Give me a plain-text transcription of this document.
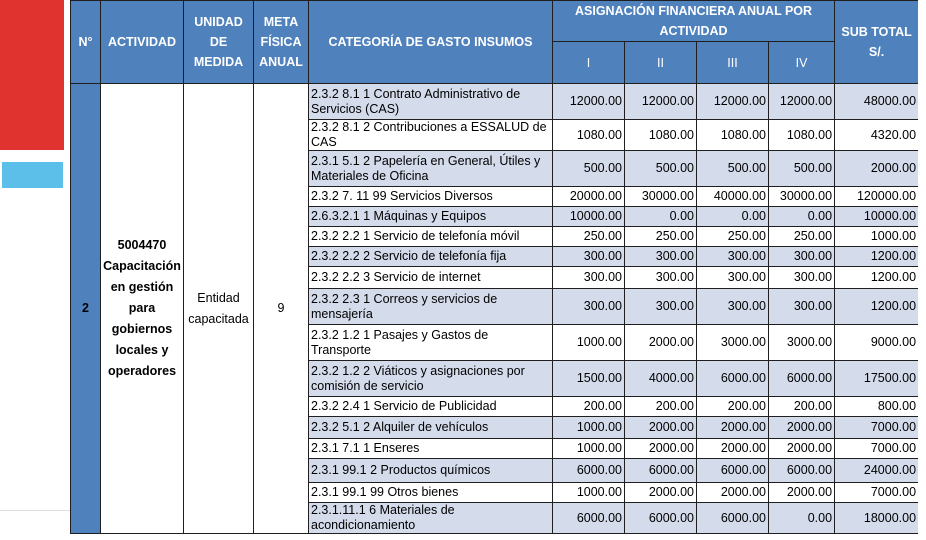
N°	ACTIVIDAD	UNIDAD DE MEDIDA	META FÍSICA ANUAL	CATEGORÍA DE GASTO INSUMOS	ASIGNACIÓN FINANCIERA ANUAL POR ACTIVIDAD				SUB TOTAL S/.
					I	II	III	IV	
2	5004470 Capacitación en gestión para gobiernos locales y operadores	Entidad capacitada	9	2.3.2 8.1 1 Contrato Administrativo de Servicios (CAS)	12000.00	12000.00	12000.00	12000.00	48000.00
				2.3.2 8.1 2 Contribuciones a ESSALUD de CAS	1080.00	1080.00	1080.00	1080.00	4320.00
				2.3.1 5.1 2 Papelería en General, Útiles y Materiales de Oficina	500.00	500.00	500.00	500.00	2000.00
				2.3.2 7. 11 99 Servicios Diversos	20000.00	30000.00	40000.00	30000.00	120000.00
				2.6.3.2.1 1 Máquinas y Equipos	10000.00	0.00	0.00	0.00	10000.00
				2.3.2 2.2 1 Servicio de telefonía móvil	250.00	250.00	250.00	250.00	1000.00
				2.3.2 2.2 2 Servicio de telefonía fija	300.00	300.00	300.00	300.00	1200.00
				2.3.2 2.2 3 Servicio de internet	300.00	300.00	300.00	300.00	1200.00
				2.3.2 2.3 1 Correos y servicios de mensajería	300.00	300.00	300.00	300.00	1200.00
				2.3.2 1.2 1 Pasajes y Gastos de Transporte	1000.00	2000.00	3000.00	3000.00	9000.00
				2.3.2 1.2 2 Viáticos y asignaciones por comisión de servicio	1500.00	4000.00	6000.00	6000.00	17500.00
				2.3.2 2.4 1 Servicio de Publicidad	200.00	200.00	200.00	200.00	800.00
				2.3.2 5.1 2 Alquiler de vehículos	1000.00	2000.00	2000.00	2000.00	7000.00
				2.3.1 7.1 1 Enseres	1000.00	2000.00	2000.00	2000.00	7000.00
				2.3.1 99.1 2 Productos químicos	6000.00	6000.00	6000.00	6000.00	24000.00
				2.3.1 99.1 99 Otros bienes	1000.00	2000.00	2000.00	2000.00	7000.00
				2.3.1.11.1 6 Materiales de acondicionamiento	6000.00	6000.00	6000.00	0.00	18000.00
